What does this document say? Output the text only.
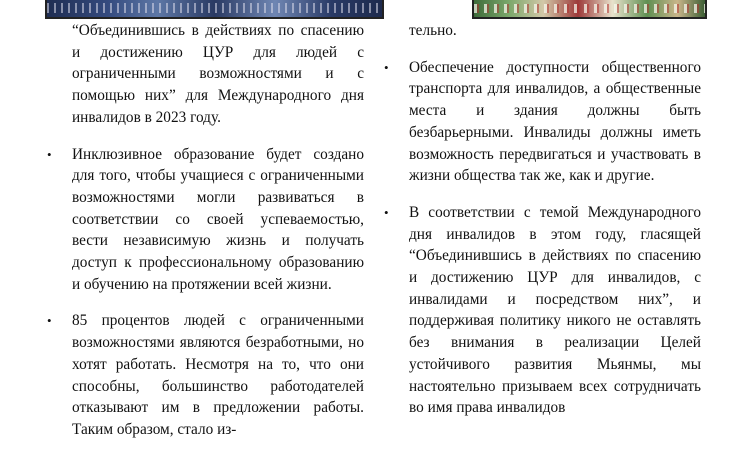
“Объединившись в действиях по спасению и достижению ЦУР для людей с ограниченными возможностями и с помощью них” для Международного дня инвалидов в 2023 году.

• Инклюзивное образование будет создано для того, чтобы учащиеся с ограниченными возможностями могли развиваться в соответствии со своей успеваемостью, вести независимую жизнь и получать доступ к профессиональному образованию и обучению на протяжении всей жизни.

• 85 процентов людей с ограниченными возможностями являются безработными, но хотят работать. Несмотря на то, что они способны, большинство работодателей отказывают им в предложении работы. Таким образом, стало из-

тельно.

• Обеспечение доступности общественного транспорта для инвалидов, а общественные места и здания должны быть безбарьерными. Инвалиды должны иметь возможность передвигаться и участвовать в жизни общества так же, как и другие.

• В соответствии с темой Международного дня инвалидов в этом году, гласящей “Объединившись в действиях по спасению и достижению ЦУР для инвалидов, с инвалидами и посредством них”, и поддерживая политику никого не оставлять без внимания в реализации Целей устойчивого развития Мьянмы, мы настоятельно призываем всех сотрудничать во имя права инвалидов
